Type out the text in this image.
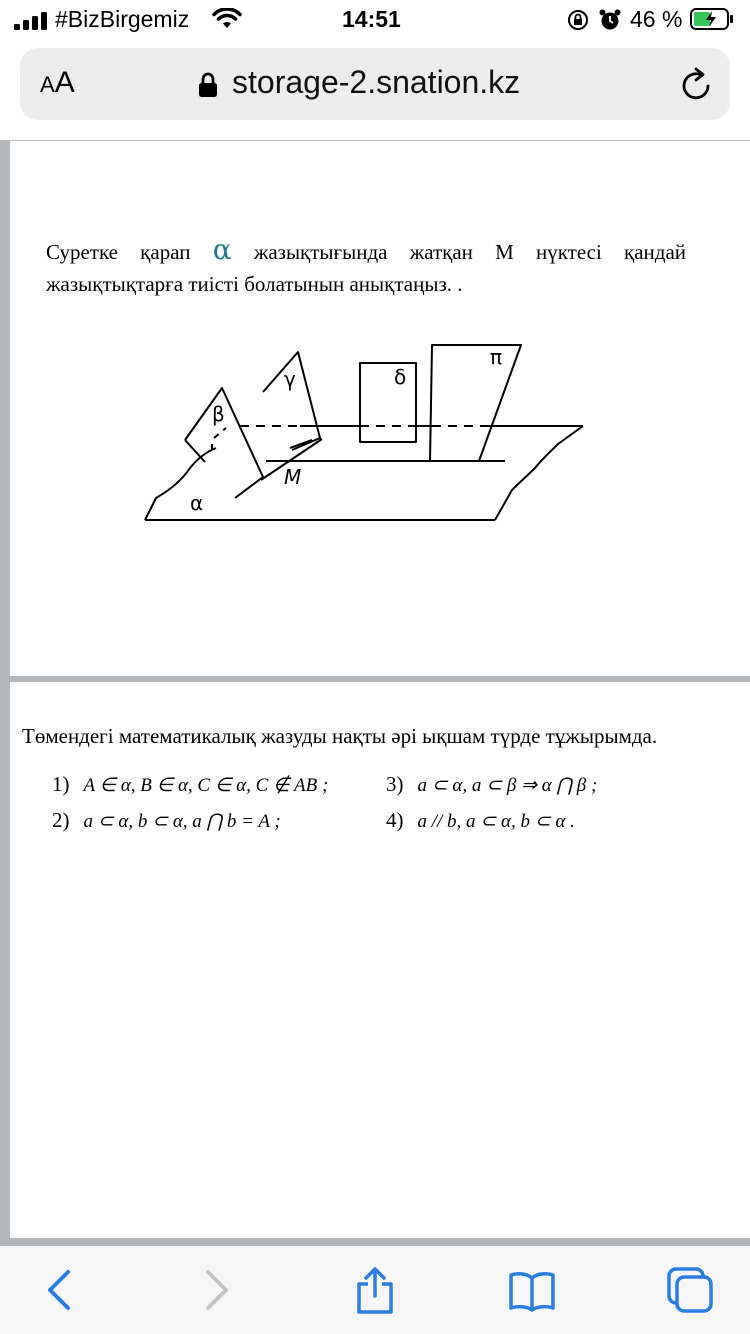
#BizBirgemiz	14:51	46 %
AA	storage-2.snation.kz
Суретке қарап α жазықтығында жатқан М нүктесі қандай жазықтықтарға тиісті болатынын анықтаңыз. .
β
γ	δ
π
α
M
Төмендегі математикалық жазуды нақты әрі ықшам түрде тұжырымда.
1) A ∈ α, B ∈ α, C ∈ α, C ∉ AB ;
2) a ⊂ α, b ⊂ α, a ⋂ b = A ;
3) a ⊂ α, a ⊂ β ⇒ α ⋂ β ;
4) a // b, a ⊂ α, b ⊂ α .
